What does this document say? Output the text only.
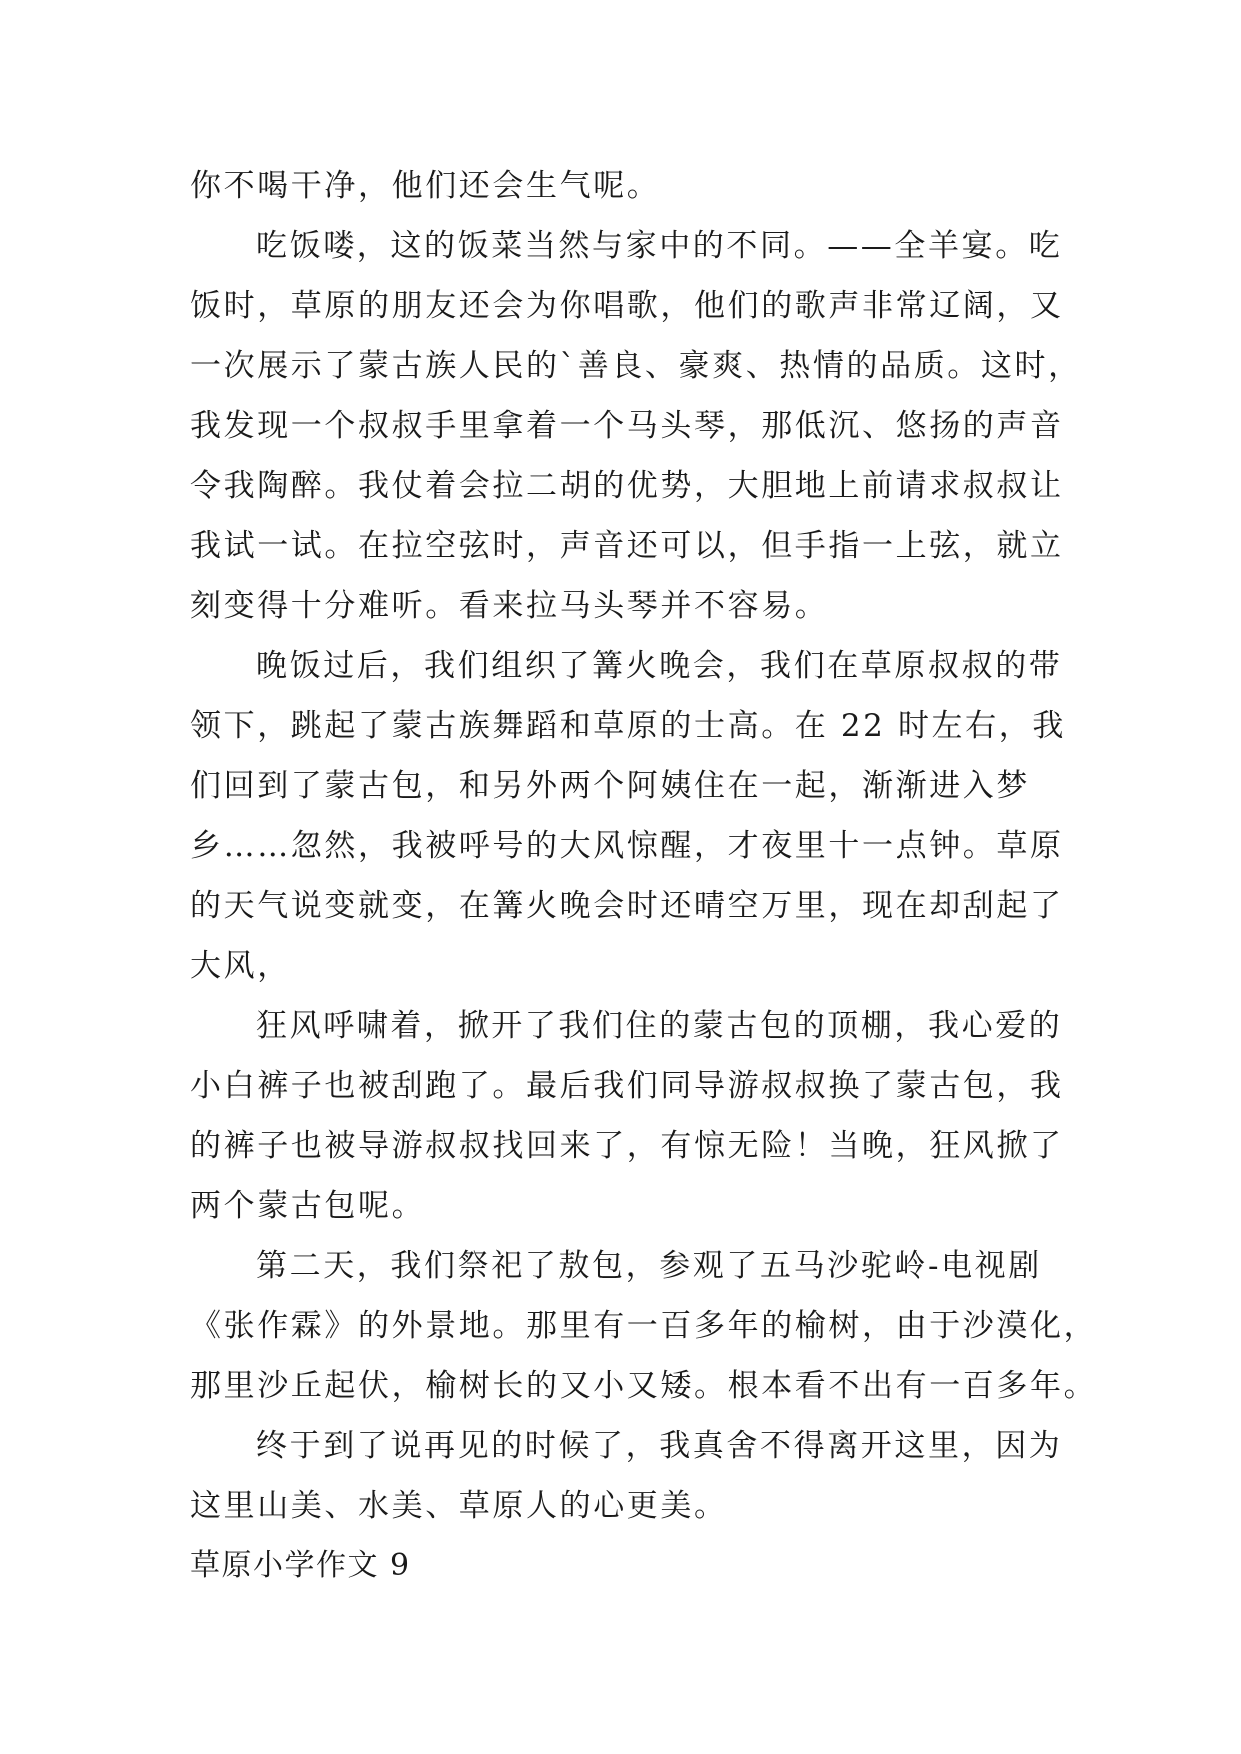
你不喝干净，他们还会生气呢。
吃饭喽，这的饭菜当然与家中的不同。——全羊宴。吃
饭时，草原的朋友还会为你唱歌，他们的歌声非常辽阔，又
一次展示了蒙古族人民的`善良、豪爽、热情的品质。这时，
我发现一个叔叔手里拿着一个马头琴，那低沉、悠扬的声音
令我陶醉。我仗着会拉二胡的优势，大胆地上前请求叔叔让
我试一试。在拉空弦时，声音还可以，但手指一上弦，就立
刻变得十分难听。看来拉马头琴并不容易。
晚饭过后，我们组织了篝火晚会，我们在草原叔叔的带
领下，跳起了蒙古族舞蹈和草原的士高。在 22 时左右，我
们回到了蒙古包，和另外两个阿姨住在一起，渐渐进入梦
乡……忽然，我被呼号的大风惊醒，才夜里十一点钟。草原
的天气说变就变，在篝火晚会时还晴空万里，现在却刮起了
大风，
狂风呼啸着，掀开了我们住的蒙古包的顶棚，我心爱的
小白裤子也被刮跑了。最后我们同导游叔叔换了蒙古包，我
的裤子也被导游叔叔找回来了，有惊无险！当晚，狂风掀了
两个蒙古包呢。
第二天，我们祭祀了敖包，参观了五马沙驼岭-电视剧
《张作霖》的外景地。那里有一百多年的榆树，由于沙漠化，
那里沙丘起伏，榆树长的又小又矮。根本看不出有一百多年。
终于到了说再见的时候了，我真舍不得离开这里，因为
这里山美、水美、草原人的心更美。
草原小学作文 9
